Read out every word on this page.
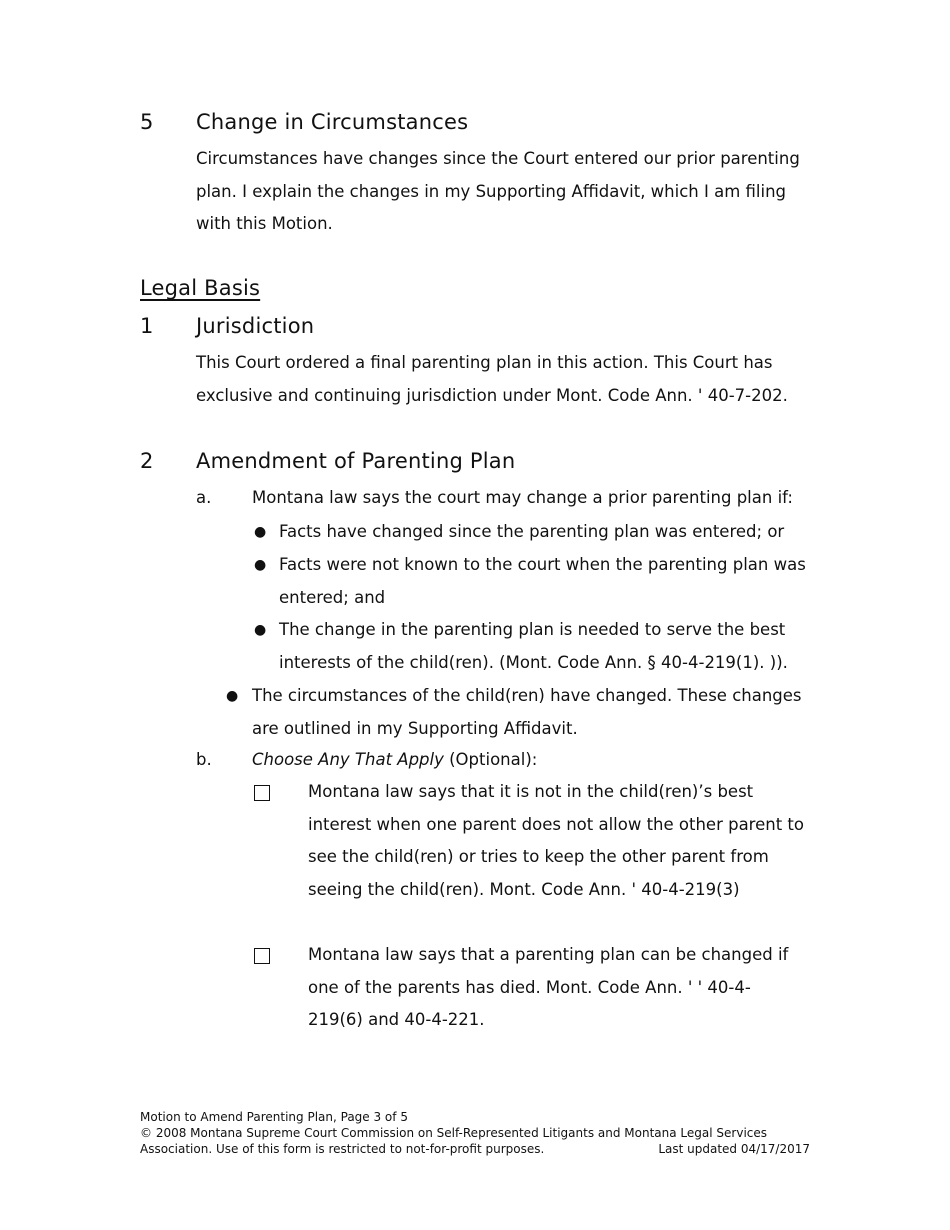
5 Change in Circumstances
Circumstances have changes since the Court entered our prior parenting
plan. I explain the changes in my Supporting Affidavit, which I am filing
with this Motion.
Legal Basis
1 Jurisdiction
This Court ordered a final parenting plan in this action. This Court has
exclusive and continuing jurisdiction under Mont. Code Ann. ' 40-7-202.
2 Amendment of Parenting Plan
a. Montana law says the court may change a prior parenting plan if:
● Facts have changed since the parenting plan was entered; or
● Facts were not known to the court when the parenting plan was
entered; and
● The change in the parenting plan is needed to serve the best
interests of the child(ren). (Mont. Code Ann. § 40-4-219(1). )).
● The circumstances of the child(ren) have changed. These changes
are outlined in my Supporting Affidavit.
b. Choose Any That Apply (Optional):
Montana law says that it is not in the child(ren)’s best
interest when one parent does not allow the other parent to
see the child(ren) or tries to keep the other parent from
seeing the child(ren). Mont. Code Ann. ' 40-4-219(3)
Montana law says that a parenting plan can be changed if
one of the parents has died. Mont. Code Ann. ' ' 40-4-
219(6) and 40-4-221.
Motion to Amend Parenting Plan, Page 3 of 5
© 2008 Montana Supreme Court Commission on Self-Represented Litigants and Montana Legal Services
Association. Use of this form is restricted to not-for-profit purposes.	Last updated 04/17/2017
